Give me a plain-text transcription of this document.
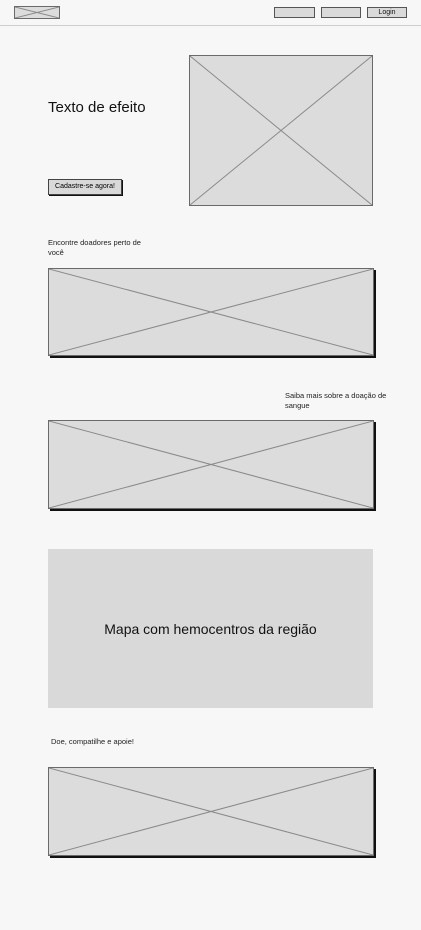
Login
Texto de efeito
Cadastre-se agora!
Encontre doadores perto de você
Saiba mais sobre a doação de sangue
Mapa com hemocentros da região
Doe, compatilhe e apoie!
